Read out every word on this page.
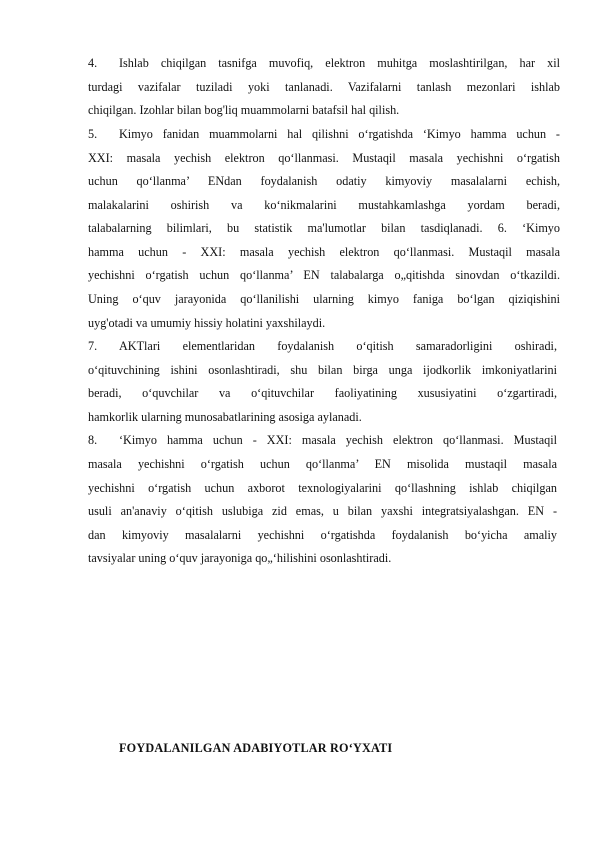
4. Ishlab chiqilgan tasnifga muvofiq, elektron muhitga moslashtirilgan, har xil
turdagi vazifalar tuziladi yoki tanlanadi. Vazifalarni tanlash mezonlari ishlab
chiqilgan. Izohlar bilan bog'liq muammolarni batafsil hal qilish.
5. Kimyo fanidan muammolarni hal qilishni o‘rgatishda ‘Kimyo hamma uchun -
XXI: masala yechish elektron qo‘llanmasi. Mustaqil masala yechishni o‘rgatish
uchun qo‘llanma’ ENdan foydalanish odatiy kimyoviy masalalarni echish,
malakalarini oshirish va ko‘nikmalarini mustahkamlashga yordam beradi,
talabalarning bilimlari, bu statistik ma'lumotlar bilan tasdiqlanadi. 6. ‘Kimyo
hamma uchun - XXI: masala yechish elektron qo‘llanmasi. Mustaqil masala
yechishni o‘rgatish uchun qo‘llanma’ EN talabalarga o„qitishda sinovdan o‘tkazildi.
Uning o‘quv jarayonida qo‘llanilishi ularning kimyo faniga bo‘lgan qiziqishini
uyg'otadi va umumiy hissiy holatini yaxshilaydi.
7. AKTlari elementlaridan foydalanish o‘qitish samaradorligini oshiradi,
o‘qituvchining ishini osonlashtiradi, shu bilan birga unga ijodkorlik imkoniyatlarini
beradi, o‘quvchilar va o‘qituvchilar faoliyatining xususiyatini o‘zgartiradi,
hamkorlik ularning munosabatlarining asosiga aylanadi.
8. ‘Kimyo hamma uchun - XXI: masala yechish elektron qo‘llanmasi. Mustaqil
masala yechishni o‘rgatish uchun qo‘llanma’ EN misolida mustaqil masala
yechishni o‘rgatish uchun axborot texnologiyalarini qo‘llashning ishlab chiqilgan
usuli an'anaviy o‘qitish uslubiga zid emas, u bilan yaxshi integratsiyalashgan. EN -
dan kimyoviy masalalarni yechishni o‘rgatishda foydalanish bo‘yicha amaliy
tavsiyalar uning o‘quv jarayoniga qo„‘hilishini osonlashtiradi.
FOYDALANILGAN ADABIYOTLAR RO‘YXATI
